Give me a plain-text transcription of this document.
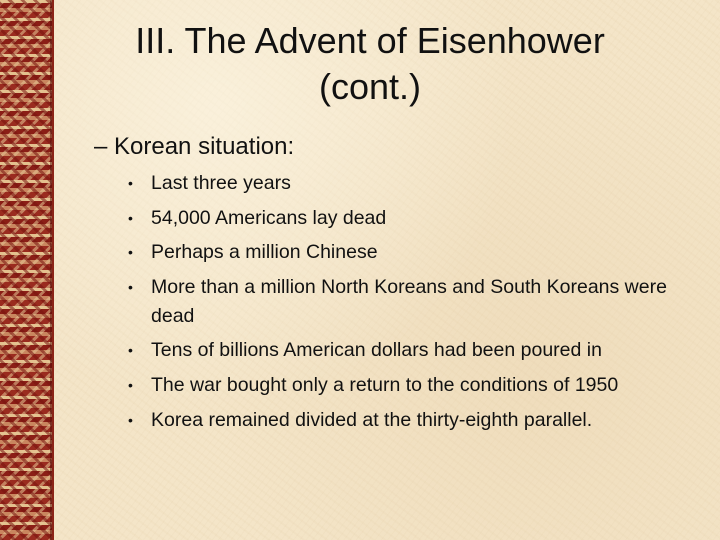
III. The Advent of Eisenhower
(cont.)
– Korean situation:
• Last three years
• 54,000 Americans lay dead
• Perhaps a million Chinese
• More than a million North Koreans and South Koreans were dead
• Tens of billions American dollars had been poured in
• The war bought only a return to the conditions of 1950
• Korea remained divided at the thirty-eighth parallel.
